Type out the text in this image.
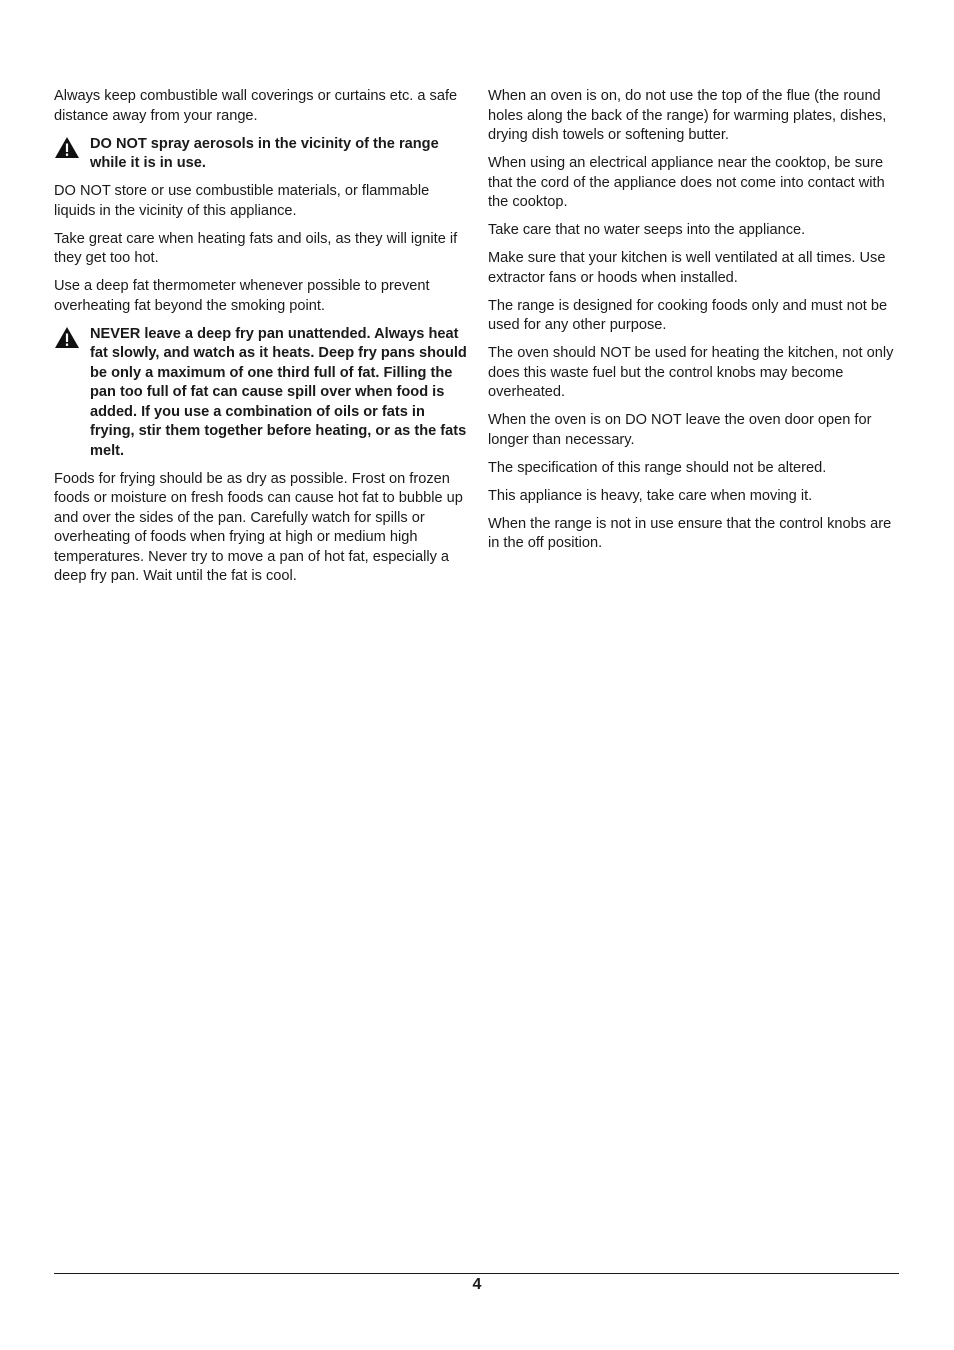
Always keep combustible wall coverings or curtains etc. a safe distance away from your range.

DO NOT spray aerosols in the vicinity of the range while it is in use.

DO NOT store or use combustible materials, or flammable liquids in the vicinity of this appliance.

Take great care when heating fats and oils, as they will ignite if they get too hot.

Use a deep fat thermometer whenever possible to prevent overheating fat beyond the smoking point.

NEVER leave a deep fry pan unattended. Always heat fat slowly, and watch as it heats. Deep fry pans should be only a maximum of one third full of fat. Filling the pan too full of fat can cause spill over when food is added. If you use a combination of oils or fats in frying, stir them together before heating, or as the fats melt.

Foods for frying should be as dry as possible. Frost on frozen foods or moisture on fresh foods can cause hot fat to bubble up and over the sides of the pan. Carefully watch for spills or overheating of foods when frying at high or medium high temperatures. Never try to move a pan of hot fat, especially a deep fry pan. Wait until the fat is cool.

When an oven is on, do not use the top of the flue (the round holes along the back of the range) for warming plates, dishes, drying dish towels or softening butter.

When using an electrical appliance near the cooktop, be sure that the cord of the appliance does not come into contact with the cooktop.

Take care that no water seeps into the appliance.

Make sure that your kitchen is well ventilated at all times. Use extractor fans or hoods when installed.

The range is designed for cooking foods only and must not be used for any other purpose.

The oven should NOT be used for heating the kitchen, not only does this waste fuel but the control knobs may become overheated.

When the oven is on DO NOT leave the oven door open for longer than necessary.

The specification of this range should not be altered.

This appliance is heavy, take care when moving it.

When the range is not in use ensure that the control knobs are in the off position.

4
